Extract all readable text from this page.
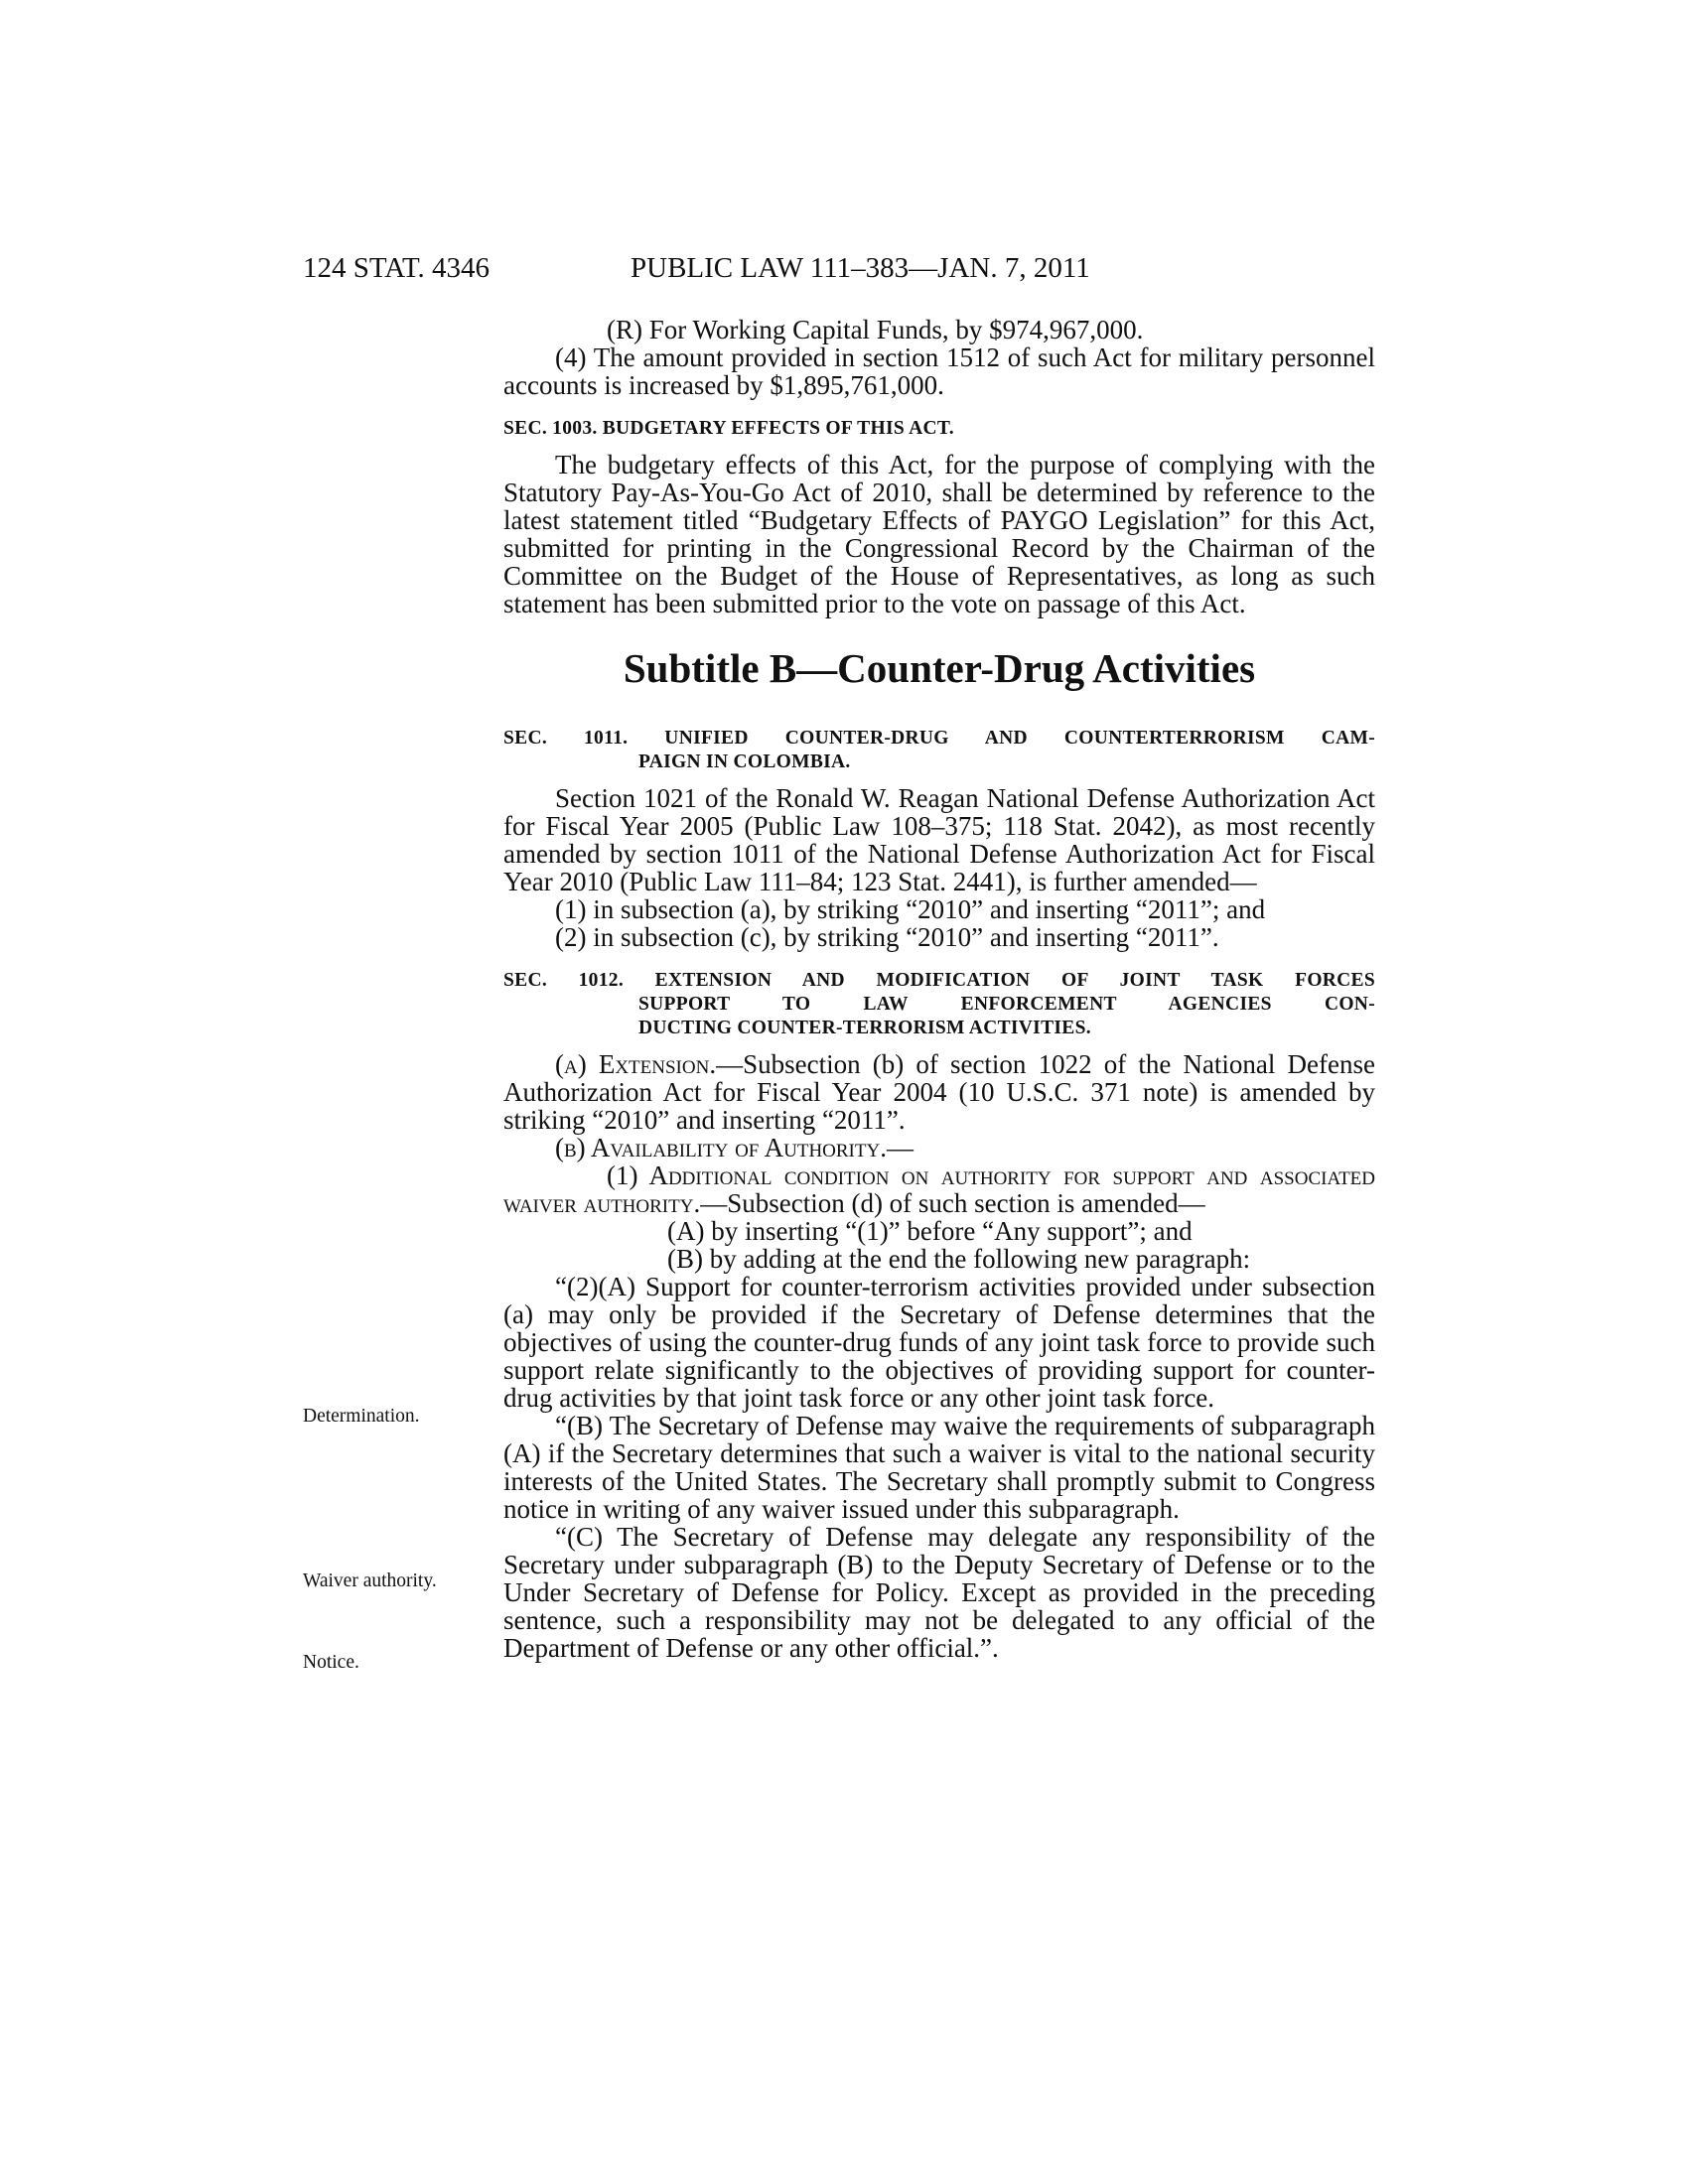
124 STAT. 4346	PUBLIC LAW 111–383—JAN. 7, 2011

(R) For Working Capital Funds, by $974,967,000.

(4) The amount provided in section 1512 of such Act for military personnel accounts is increased by $1,895,761,000.

SEC. 1003. BUDGETARY EFFECTS OF THIS ACT.

The budgetary effects of this Act, for the purpose of complying with the Statutory Pay-As-You-Go Act of 2010, shall be determined by reference to the latest statement titled “Budgetary Effects of PAYGO Legislation” for this Act, submitted for printing in the Congressional Record by the Chairman of the Committee on the Budget of the House of Representatives, as long as such statement has been submitted prior to the vote on passage of this Act.

Subtitle B—Counter-Drug Activities
SEC. 1011. UNIFIED COUNTER-DRUG AND COUNTERTERRORISM CAM-
PAIGN IN COLOMBIA.

Section 1021 of the Ronald W. Reagan National Defense Authorization Act for Fiscal Year 2005 (Public Law 108–375; 118 Stat. 2042), as most recently amended by section 1011 of the National Defense Authorization Act for Fiscal Year 2010 (Public Law 111–84; 123 Stat. 2441), is further amended—

(1) in subsection (a), by striking “2010” and inserting “2011”; and

(2) in subsection (c), by striking “2010” and inserting “2011”.

SEC. 1012. EXTENSION AND MODIFICATION OF JOINT TASK FORCES
SUPPORT TO LAW ENFORCEMENT AGENCIES CON-
DUCTING COUNTER-TERRORISM ACTIVITIES.

(a) Extension.—Subsection (b) of section 1022 of the National Defense Authorization Act for Fiscal Year 2004 (10 U.S.C. 371 note) is amended by striking “2010” and inserting “2011”.

(b) Availability of Authority.—

(1) Additional condition on authority for support and associated waiver authority.—Subsection (d) of such section is amended—

(A) by inserting “(1)” before “Any support”; and

(B) by adding at the end the following new paragraph:

“(2)(A) Support for counter-terrorism activities provided under subsection (a) may only be provided if the Secretary of Defense determines that the objectives of using the counter-drug funds of any joint task force to provide such support relate significantly to the objectives of providing support for counter-drug activities by that joint task force or any other joint task force.

“(B) The Secretary of Defense may waive the requirements of subparagraph (A) if the Secretary determines that such a waiver is vital to the national security interests of the United States. The Secretary shall promptly submit to Congress notice in writing of any waiver issued under this subparagraph.

“(C) The Secretary of Defense may delegate any responsibility of the Secretary under subparagraph (B) to the Deputy Secretary of Defense or to the Under Secretary of Defense for Policy. Except as provided in the preceding sentence, such a responsibility may not be delegated to any official of the Department of Defense or any other official.”.

Determination.
Waiver authority.
Notice.
